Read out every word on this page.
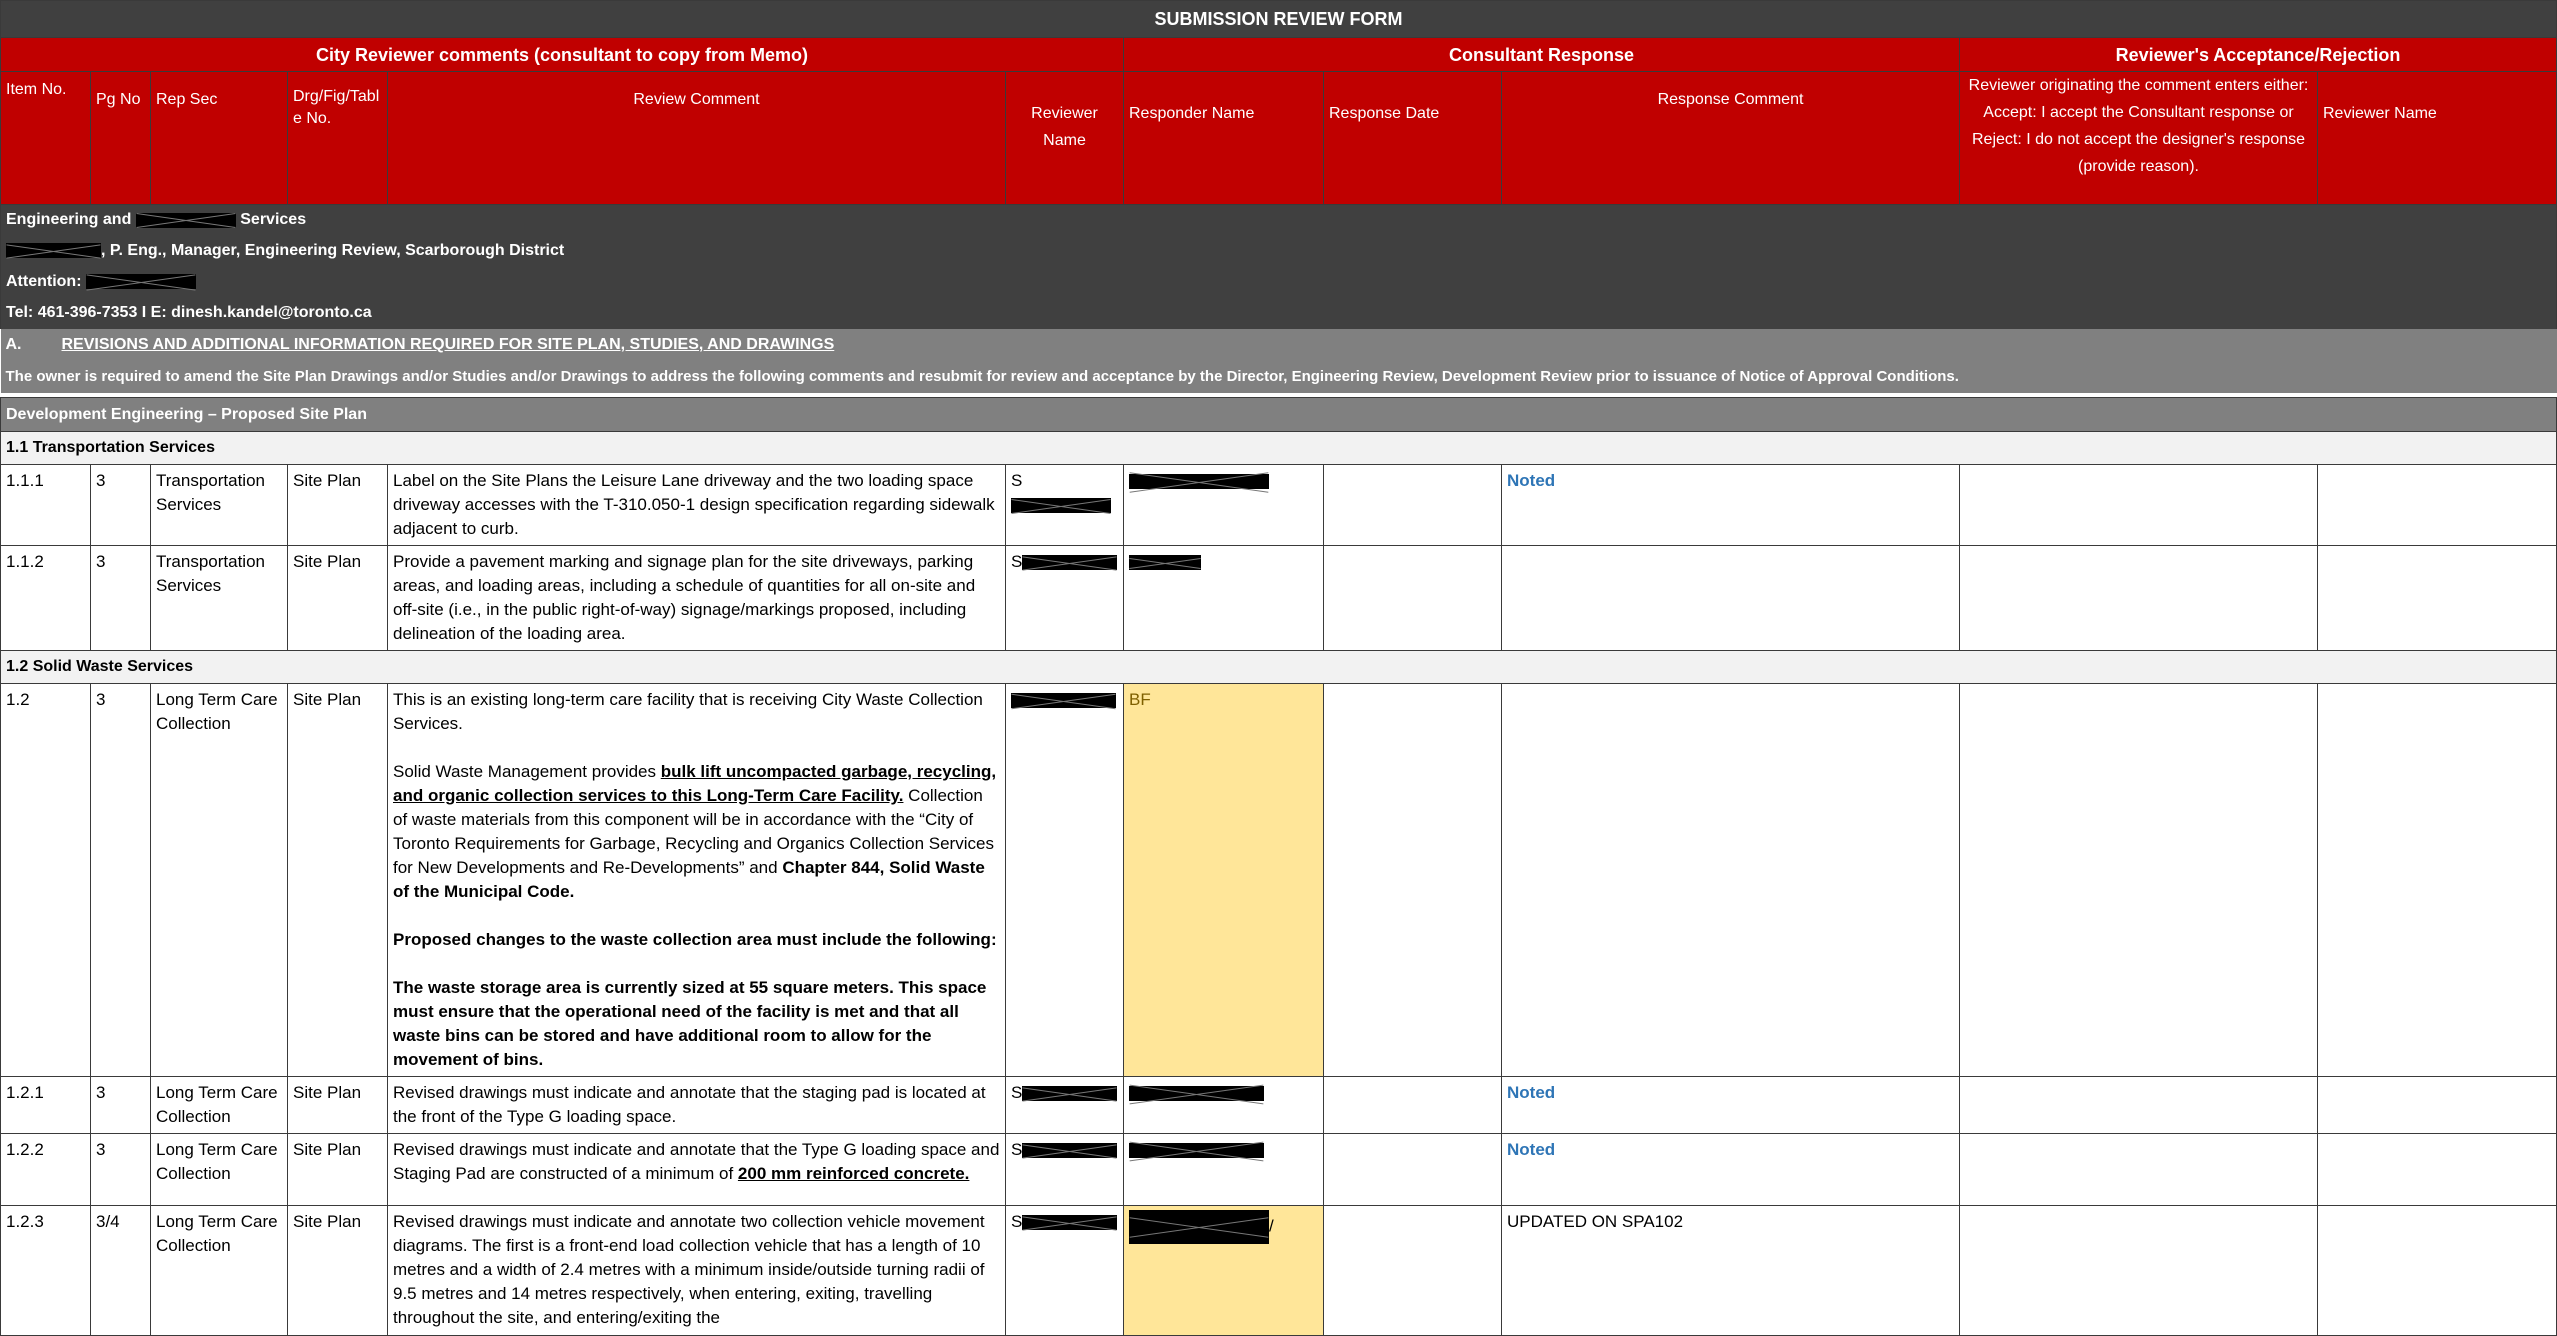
SUBMISSION REVIEW FORM										
City Reviewer comments (consultant to copy from Memo)						Consultant Response			Reviewer's Acceptance/Rejection	
Item No.	Pg No	Rep Sec	Drg/Fig/Table No.	Review Comment	Reviewer Name	Responder Name	Response Date	Response Comment	Reviewer originating the comment enters either: Accept: I accept the Consultant response or Reject: I do not accept the designer's response (provide reason).	Reviewer Name
Engineering and Services										
, P. Eng., Manager, Engineering Review, Scarborough District										
Attention:										
Tel: 461-396-7353 I E: dinesh.kandel@toronto.ca										
A. REVISIONS AND ADDITIONAL INFORMATION REQUIRED FOR SITE PLAN, STUDIES, AND DRAWINGS										
The owner is required to amend the Site Plan Drawings and/or Studies and/or Drawings to address the following comments and resubmit for review and acceptance by the Director, Engineering Review, Development Review prior to issuance of Notice of Approval Conditions.										

Development Engineering – Proposed Site Plan										
1.1 Transportation Services										
1.1.1	3	Transportation Services	Site Plan	Label on the Site Plans the Leisure Lane driveway and the two loading space driveway accesses with the T-310.050-1 design specification regarding sidewalk adjacent to curb.	S			Noted		
1.1.2	3	Transportation Services	Site Plan	Provide a pavement marking and signage plan for the site driveways, parking areas, and loading areas, including a schedule of quantities for all on-site and off-site (i.e., in the public right-of-way) signage/markings proposed, including delineation of the loading area.	S					
1.2 Solid Waste Services										
1.2	3	Long Term Care Collection	Site Plan	This is an existing long-term care facility that is receiving City Waste Collection Services.

Solid Waste Management provides bulk lift uncompacted garbage, recycling, and organic collection services to this Long-Term Care Facility. Collection of waste materials from this component will be in accordance with the “City of Toronto Requirements for Garbage, Recycling and Organics Collection Services for New Developments and Re-Developments” and Chapter 844, Solid Waste of the Municipal Code.

Proposed changes to the waste collection area must include the following:

The waste storage area is currently sized at 55 square meters. This space must ensure that the operational need of the facility is met and that all waste bins can be stored and have additional room to allow for the movement of bins.		BF				
1.2.1	3	Long Term Care Collection	Site Plan	Revised drawings must indicate and annotate that the staging pad is located at the front of the Type G loading space.	S			Noted		
1.2.2	3	Long Term Care Collection	Site Plan	Revised drawings must indicate and annotate that the Type G loading space and Staging Pad are constructed of a minimum of 200 mm reinforced concrete.	S			Noted		
1.2.3	3/4	Long Term Care Collection	Site Plan	Revised drawings must indicate and annotate two collection vehicle movement diagrams. The first is a front-end load collection vehicle that has a length of 10 metres and a width of 2.4 metres with a minimum inside/outside turning radii of 9.5 metres and 14 metres respectively, when entering, exiting, travelling throughout the site, and entering/exiting the	S	/		UPDATED ON SPA102		
